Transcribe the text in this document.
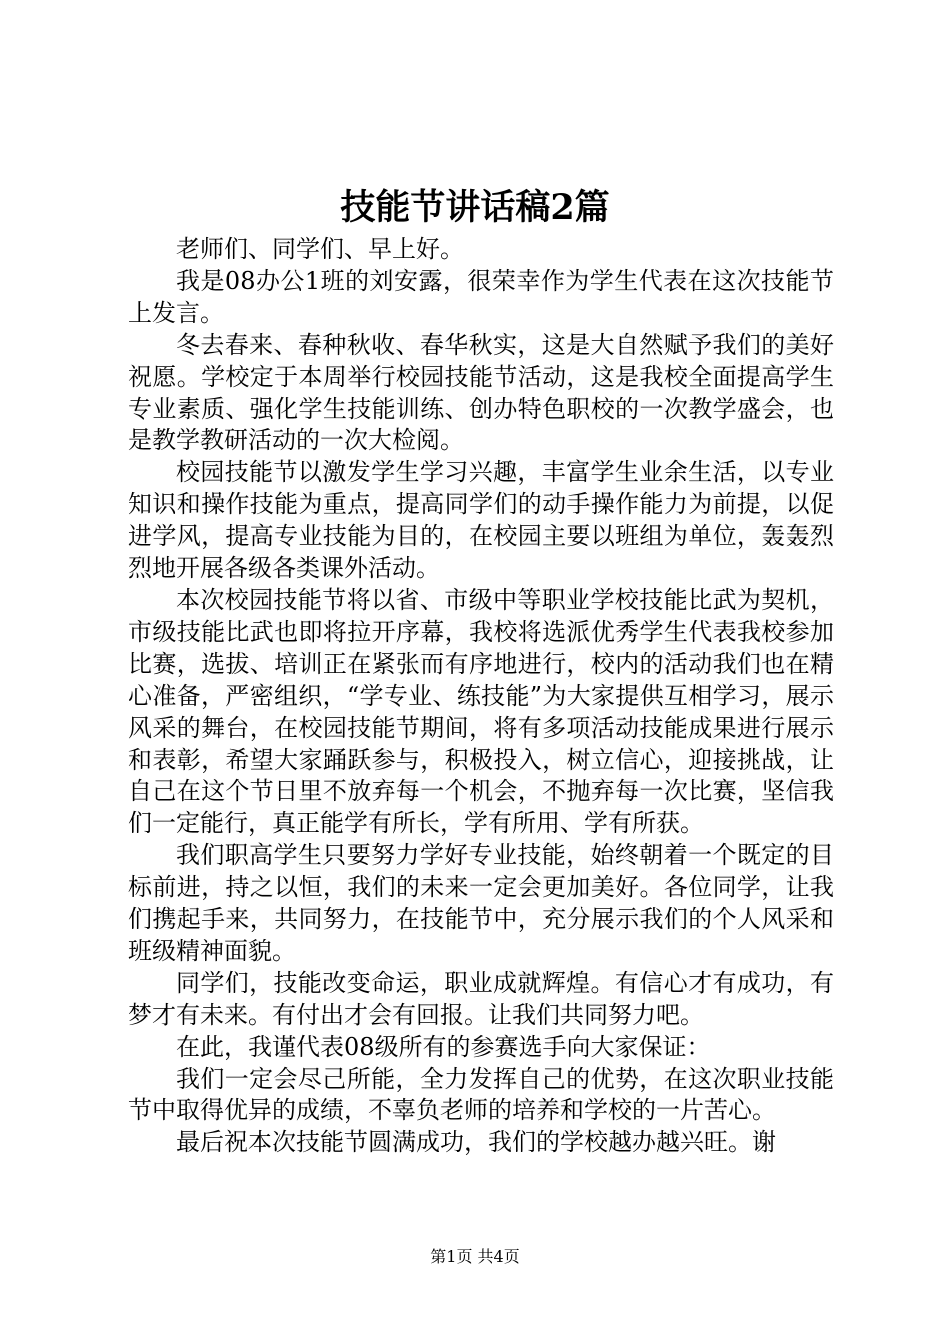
技能节讲话稿2篇

老师们、同学们、早上好。

我是08办公1班的刘安露，很荣幸作为学生代表在这次技能节上发言。

冬去春来、春种秋收、春华秋实，这是大自然赋予我们的美好祝愿。学校定于本周举行校园技能节活动，这是我校全面提高学生专业素质、强化学生技能训练、创办特色职校的一次教学盛会，也是教学教研活动的一次大检阅。

校园技能节以激发学生学习兴趣，丰富学生业余生活，以专业知识和操作技能为重点，提高同学们的动手操作能力为前提，以促进学风，提高专业技能为目的，在校园主要以班组为单位，轰轰烈烈地开展各级各类课外活动。

本次校园技能节将以省、市级中等职业学校技能比武为契机，市级技能比武也即将拉开序幕，我校将选派优秀学生代表我校参加比赛，选拔、培训正在紧张而有序地进行，校内的活动我们也在精心准备，严密组织，“学专业、练技能”为大家提供互相学习，展示风采的舞台，在校园技能节期间，将有多项活动技能成果进行展示和表彰，希望大家踊跃参与，积极投入，树立信心，迎接挑战，让自己在这个节日里不放弃每一个机会，不抛弃每一次比赛，坚信我们一定能行，真正能学有所长，学有所用、学有所获。

我们职高学生只要努力学好专业技能，始终朝着一个既定的目标前进，持之以恒，我们的未来一定会更加美好。各位同学，让我们携起手来，共同努力，在技能节中，充分展示我们的个人风采和班级精神面貌。

同学们，技能改变命运，职业成就辉煌。有信心才有成功，有梦才有未来。有付出才会有回报。让我们共同努力吧。

在此，我谨代表08级所有的参赛选手向大家保证：

我们一定会尽己所能，全力发挥自己的优势，在这次职业技能节中取得优异的成绩，不辜负老师的培养和学校的一片苦心。

最后祝本次技能节圆满成功，我们的学校越办越兴旺。谢

第1页 共4页
